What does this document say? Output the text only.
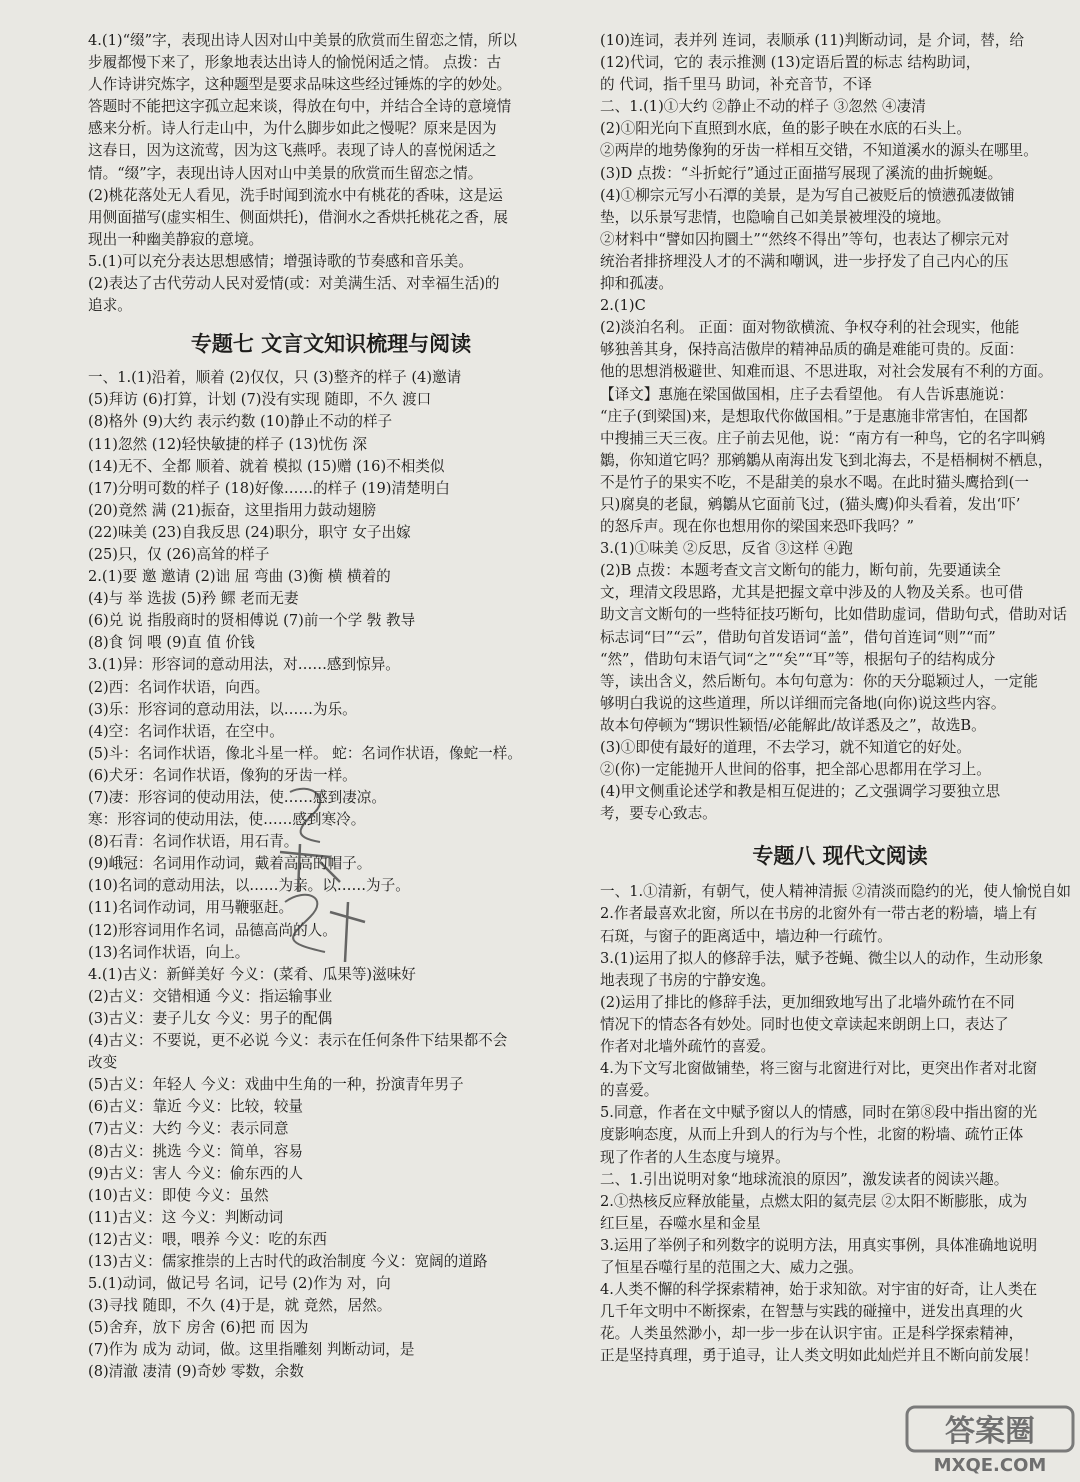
4.(1)“缀”字，表现出诗人因对山中美景的欣赏而生留恋之情，所以
步履都慢下来了，形象地表达出诗人的愉悦闲适之情。 点拨：古
人作诗讲究炼字，这种题型是要求品味这些经过锤炼的字的妙处。
答题时不能把这字孤立起来谈，得放在句中，并结合全诗的意境情
感来分析。诗人行走山中，为什么脚步如此之慢呢？原来是因为
这春日，因为这流莺，因为这飞燕呼。表现了诗人的喜悦闲适之
情。“缀”字，表现出诗人因对山中美景的欣赏而生留恋之情。
(2)桃花落处无人看见，洗手时闻到流水中有桃花的香味，这是运
用侧面描写(虚实相生、侧面烘托)，借涧水之香烘托桃花之香，展
现出一种幽美静寂的意境。
5.(1)可以充分表达思想感情；增强诗歌的节奏感和音乐美。
(2)表达了古代劳动人民对爱情(或：对美满生活、对幸福生活)的
追求。
专题七 文言文知识梳理与阅读
一、1.(1)沿着，顺着 (2)仅仅，只 (3)整齐的样子 (4)邀请
(5)拜访 (6)打算，计划 (7)没有实现 随即，不久 渡口
(8)格外 (9)大约 表示约数 (10)静止不动的样子
(11)忽然 (12)轻快敏捷的样子 (13)忧伤 深
(14)无不、全都 顺着、就着 模拟 (15)赠 (16)不相类似
(17)分明可数的样子 (18)好像……的样子 (19)清楚明白
(20)竟然 满 (21)振奋，这里指用力鼓动翅膀
(22)味美 (23)自我反思 (24)职分，职守 女子出嫁
(25)只，仅 (26)高耸的样子
2.(1)要 邀 邀请 (2)诎 屈 弯曲 (3)衡 横 横着的
(4)与 举 选拔 (5)矜 鳏 老而无妻
(6)兑 说 指殷商时的贤相傅说 (7)前一个学 斅 教导
(8)食 饲 喂 (9)直 值 价钱
3.(1)异：形容词的意动用法，对……感到惊异。
(2)西：名词作状语，向西。
(3)乐：形容词的意动用法，以……为乐。
(4)空：名词作状语，在空中。
(5)斗：名词作状语，像北斗星一样。 蛇：名词作状语，像蛇一样。
(6)犬牙：名词作状语，像狗的牙齿一样。
(7)凄：形容词的使动用法，使……感到凄凉。
寒：形容词的使动用法，使……感到寒冷。
(8)石青：名词作状语，用石青。
(9)峨冠：名词用作动词，戴着高高的帽子。
(10)名词的意动用法，以……为亲。以……为子。
(11)名词作动词，用马鞭驱赶。
(12)形容词用作名词，品德高尚的人。
(13)名词作状语，向上。
4.(1)古义：新鲜美好 今义：(菜肴、瓜果等)滋味好
(2)古义：交错相通 今义：指运输事业
(3)古义：妻子儿女 今义：男子的配偶
(4)古义：不要说，更不必说 今义：表示在任何条件下结果都不会
改变
(5)古义：年轻人 今义：戏曲中生角的一种，扮演青年男子
(6)古义：靠近 今义：比较，较量
(7)古义：大约 今义：表示同意
(8)古义：挑选 今义：简单，容易
(9)古义：害人 今义：偷东西的人
(10)古义：即使 今义：虽然
(11)古义：这 今义：判断动词
(12)古义：喂，喂养 今义：吃的东西
(13)古义：儒家推崇的上古时代的政治制度 今义：宽阔的道路
5.(1)动词，做记号 名词，记号 (2)作为 对，向
(3)寻找 随即，不久 (4)于是，就 竟然，居然。
(5)舍弃，放下 房舍 (6)把 而 因为
(7)作为 成为 动词，做。这里指雕刻 判断动词，是
(8)清澈 凄清 (9)奇妙 零数，余数
(10)连词，表并列 连词，表顺承 (11)判断动词，是 介词，替，给
(12)代词，它的 表示推测 (13)定语后置的标志 结构助词，
的 代词，指千里马 助词，补充音节，不译
二、1.(1)①大约 ②静止不动的样子 ③忽然 ④凄清
(2)①阳光向下直照到水底，鱼的影子映在水底的石头上。
②两岸的地势像狗的牙齿一样相互交错，不知道溪水的源头在哪里。
(3)D 点拨：“斗折蛇行”通过正面描写展现了溪流的曲折蜿蜒。
(4)①柳宗元写小石潭的美景，是为写自己被贬后的愤懑孤凄做铺
垫，以乐景写悲情，也隐喻自己如美景被埋没的境地。
②材料中“譬如囚拘圜土”“然终不得出”等句，也表达了柳宗元对
统治者排挤埋没人才的不满和嘲讽，进一步抒发了自己内心的压
抑和孤凄。
2.(1)C
(2)淡泊名利。 正面：面对物欲横流、争权夺利的社会现实，他能
够独善其身，保持高洁傲岸的精神品质的确是难能可贵的。反面：
他的思想消极避世、知难而退、不思进取，对社会发展有不利的方面。
【译文】惠施在梁国做国相，庄子去看望他。 有人告诉惠施说：
“庄子(到梁国)来，是想取代你做国相。”于是惠施非常害怕，在国都
中搜捕三天三夜。庄子前去见他，说：“南方有一种鸟，它的名字叫鹓
鶵，你知道它吗？那鹓鶵从南海出发飞到北海去，不是梧桐树不栖息，
不是竹子的果实不吃，不是甜美的泉水不喝。在此时猫头鹰拾到(一
只)腐臭的老鼠，鹓鶵从它面前飞过，(猫头鹰)仰头看着，发出‘吓’
的怒斥声。现在你也想用你的梁国来恐吓我吗？”
3.(1)①味美 ②反思，反省 ③这样 ④跑
(2)B 点拨：本题考查文言文断句的能力，断句前，先要通读全
文，理清文段思路，尤其是把握文章中涉及的人物及关系。也可借
助文言文断句的一些特征技巧断句，比如借助虚词，借助句式，借助对话
标志词“曰”“云”，借助句首发语词“盖”，借句首连词“则”“而”
“然”，借助句末语气词“之”“矣”“耳”等，根据句子的结构成分
等，读出含义，然后断句。本句句意为：你的天分聪颖过人，一定能
够明白我说的这些道理，所以详细而完备地(向你)说这些内容。
故本句停顿为“甥识性颖悟/必能解此/故详悉及之”，故选B。
(3)①即使有最好的道理，不去学习，就不知道它的好处。
②(你)一定能抛开人世间的俗事，把全部心思都用在学习上。
(4)甲文侧重论述学和教是相互促进的；乙文强调学习要独立思
考，要专心致志。
专题八 现代文阅读
一、1.①清新，有朝气，使人精神清振 ②清淡而隐约的光，使人愉悦自如
2.作者最喜欢北窗，所以在书房的北窗外有一带古老的粉墙，墙上有
石斑，与窗子的距离适中，墙边种一行疏竹。
3.(1)运用了拟人的修辞手法，赋予苍蝇、微尘以人的动作，生动形象
地表现了书房的宁静安逸。
(2)运用了排比的修辞手法，更加细致地写出了北墙外疏竹在不同
情况下的情态各有妙处。同时也使文章读起来朗朗上口，表达了
作者对北墙外疏竹的喜爱。
4.为下文写北窗做铺垫，将三窗与北窗进行对比，更突出作者对北窗
的喜爱。
5.同意，作者在文中赋予窗以人的情感，同时在第⑧段中指出窗的光
度影响态度，从而上升到人的行为与个性，北窗的粉墙、疏竹正体
现了作者的人生态度与境界。
二、1.引出说明对象“地球流浪的原因”，激发读者的阅读兴趣。
2.①热核反应释放能量，点燃太阳的氦壳层 ②太阳不断膨胀，成为
红巨星，吞噬水星和金星
3.运用了举例子和列数字的说明方法，用真实事例，具体准确地说明
了恒星吞噬行星的范围之大、威力之强。
4.人类不懈的科学探索精神，始于求知欲。对宇宙的好奇，让人类在
几千年文明中不断探索，在智慧与实践的碰撞中，迸发出真理的火
花。人类虽然渺小，却一步一步在认识宇宙。正是科学探索精神，
正是坚持真理，勇于追寻，让人类文明如此灿烂并且不断向前发展！
答案圈
MXQE.COM
